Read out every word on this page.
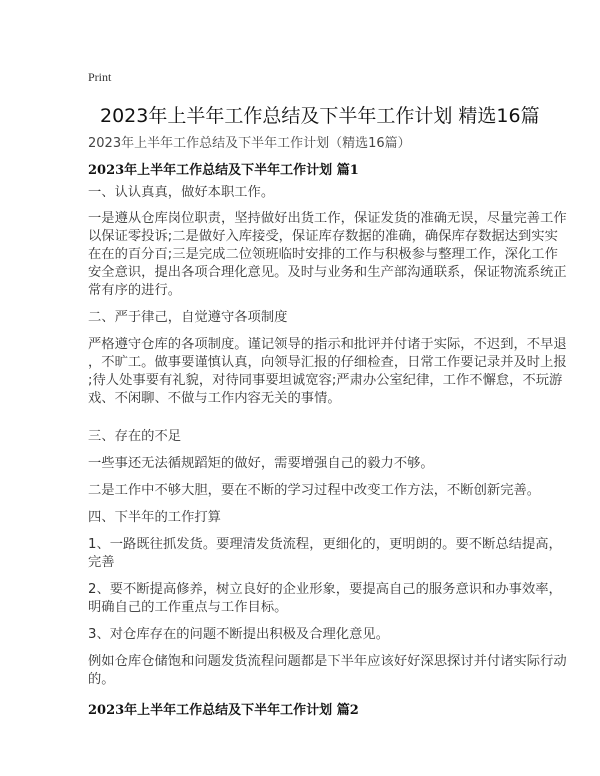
Print
2023年上半年工作总结及下半年工作计划 精选16篇
2023年上半年工作总结及下半年工作计划（精选16篇）
2023年上半年工作总结及下半年工作计划 篇1
一、认认真真，做好本职工作。
一是遵从仓库岗位职责，坚持做好出货工作，保证发货的准确无误，尽量完善工作
以保证零投诉;二是做好入库接受，保证库存数据的准确，确保库存数据达到实实
在在的百分百;三是完成二位领班临时安排的工作与积极参与整理工作，深化工作
安全意识，提出各项合理化意见。及时与业务和生产部沟通联系，保证物流系统正
常有序的进行。
二、严于律己，自觉遵守各项制度
严格遵守仓库的各项制度。谨记领导的指示和批评并付诸于实际，不迟到，不早退
，不旷工。做事要谨慎认真，向领导汇报的仔细检查，日常工作要记录并及时上报
;待人处事要有礼貌，对待同事要坦诚宽容;严肃办公室纪律，工作不懈怠，不玩游
戏、不闲聊、不做与工作内容无关的事情。
三、存在的不足
一些事还无法循规蹈矩的做好，需要增强自己的毅力不够。
二是工作中不够大胆，要在不断的学习过程中改变工作方法，不断创新完善。
四、下半年的工作打算
1、一路既往抓发货。要理清发货流程，更细化的，更明朗的。要不断总结提高，
完善
2、要不断提高修养，树立良好的企业形象，要提高自己的服务意识和办事效率，
明确自己的工作重点与工作目标。
3、对仓库存在的问题不断提出积极及合理化意见。
例如仓库仓储饱和问题发货流程问题都是下半年应该好好深思探讨并付诸实际行动
的。
2023年上半年工作总结及下半年工作计划 篇2
